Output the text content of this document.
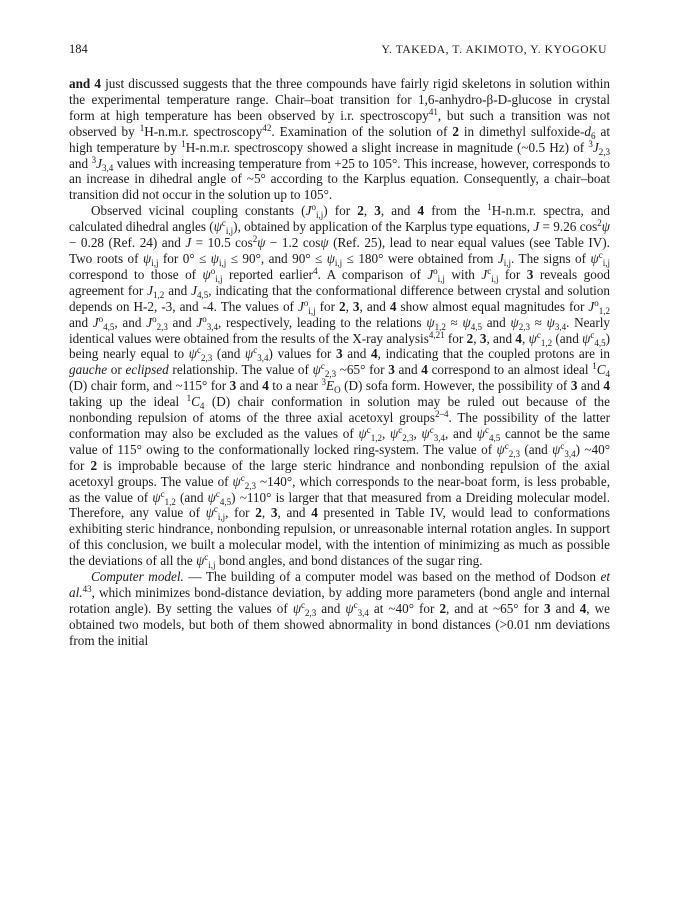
184	Y. TAKEDA, T. AKIMOTO, Y. KYOGOKU

and 4 just discussed suggests that the three compounds have fairly rigid skeletons in solution within the experimental temperature range. Chair–boat transition for 1,6-anhydro-β-D-glucose in crystal form at high temperature has been observed by i.r. spectroscopy$^{41}$, but such a transition was not observed by $^1$H-n.m.r. spectroscopy$^{42}$. Examination of the solution of 2 in dimethyl sulfoxide-$d_6$ at high temperature by $^1$H-n.m.r. spectroscopy showed a slight increase in magnitude (~0.5 Hz) of $^3J_{2,3}$ and $^3J_{3,4}$ values with increasing temperature from +25 to 105°. This increase, however, corresponds to an increase in dihedral angle of ~5° according to the Karplus equation. Consequently, a chair–boat transition did not occur in the solution up to 105°.

Observed vicinal coupling constants $(J^o_{i,j})$ for 2, 3, and 4 from the $^1$H-n.m.r. spectra, and calculated dihedral angles $(\psi^c_{i,j})$, obtained by application of the Karplus type equations, J = 9.26 $\cos^2\psi - 0.28$ (Ref. 24) and J = 10.5 $\cos^2\psi - 1.2$ cosψ (Ref. 25), lead to near equal values (see Table IV). Two roots of $\psi_{i,j}$ for $0^\circ \le \psi_{i,j} \le 90^\circ$, and $90^\circ \le \psi_{i,j} \le 180^\circ$ were obtained from $J_{i,j}$. The signs of $\psi^c_{i,j}$ correspond to those of $\psi^o_{i,j}$ reported earlier$^4$. A comparison of $J^o_{i,j}$ with $J^c_{i,j}$ for 3 reveals good agreement for $J_{1,2}$ and $J_{4,5}$, indicating that the conformational difference between crystal and solution depends on H-2, -3, and -4. The values of $J^o_{i,j}$ for 2, 3, and 4 show almost equal magnitudes for $J^o_{1,2}$ and $J^o_{4,5}$, and $J^o_{2,3}$ and $J^o_{3,4}$, respectively, leading to the relations $\psi_{1,2} \approx \psi_{4,5}$ and $\psi_{2,3} \approx \psi_{3,4}$. Nearly identical values were obtained from the results of the X-ray analysis$^{4,21}$ for 2, 3, and 4, $\psi^c_{1,2}$ (and $\psi^c_{4,5}$) being nearly equal to $\psi^c_{2,3}$ (and $\psi^c_{3,4}$) values for 3 and 4, indicating that the coupled protons are in gauche or eclipsed relationship. The value of $\psi^c_{2,3}$ ~65° for 3 and 4 correspond to an almost ideal $^1C_4$ (D) chair form, and ~115° for 3 and 4 to a near $^3E_O$ (D) sofa form. However, the possibility of 3 and 4 taking up the ideal $^1C_4$ (D) chair conformation in solution may be ruled out because of the nonbonding repulsion of atoms of the three axial acetoxyl groups$^{2-4}$. The possibility of the latter conformation may also be excluded as the values of $\psi^c_{1,2}$, $\psi^c_{2,3}$, $\psi^c_{3,4}$, and $\psi^c_{4,5}$ cannot be the same value of 115° owing to the conformationally locked ring-system. The value of $\psi^c_{2,3}$ (and $\psi^c_{3,4}$) ~40° for 2 is improbable because of the large steric hindrance and nonbonding repulsion of the axial acetoxyl groups. The value of $\psi^c_{2,3}$ ~140°, which corresponds to the near-boat form, is less probable, as the value of $\psi^c_{1,2}$ (and $\psi^c_{4,5}$) ~110° is larger that that measured from a Dreiding molecular model. Therefore, any value of $\psi^c_{i,j}$, for 2, 3, and 4 presented in Table IV, would lead to conformations exhibiting steric hindrance, nonbonding repulsion, or unreasonable internal rotation angles. In support of this conclusion, we built a molecular model, with the intention of minimizing as much as possible the deviations of all the $\psi^c_{i,j}$ bond angles, and bond distances of the sugar ring.

Computer model. — The building of a computer model was based on the method of Dodson et al.$^{43}$, which minimizes bond-distance deviation, by adding more parameters (bond angle and internal rotation angle). By setting the values of $\psi^c_{2,3}$ and $\psi^c_{3,4}$ at ~40° for 2, and at ~65° for 3 and 4, we obtained two models, but both of them showed abnormality in bond distances (>0.01 nm deviations from the initial
